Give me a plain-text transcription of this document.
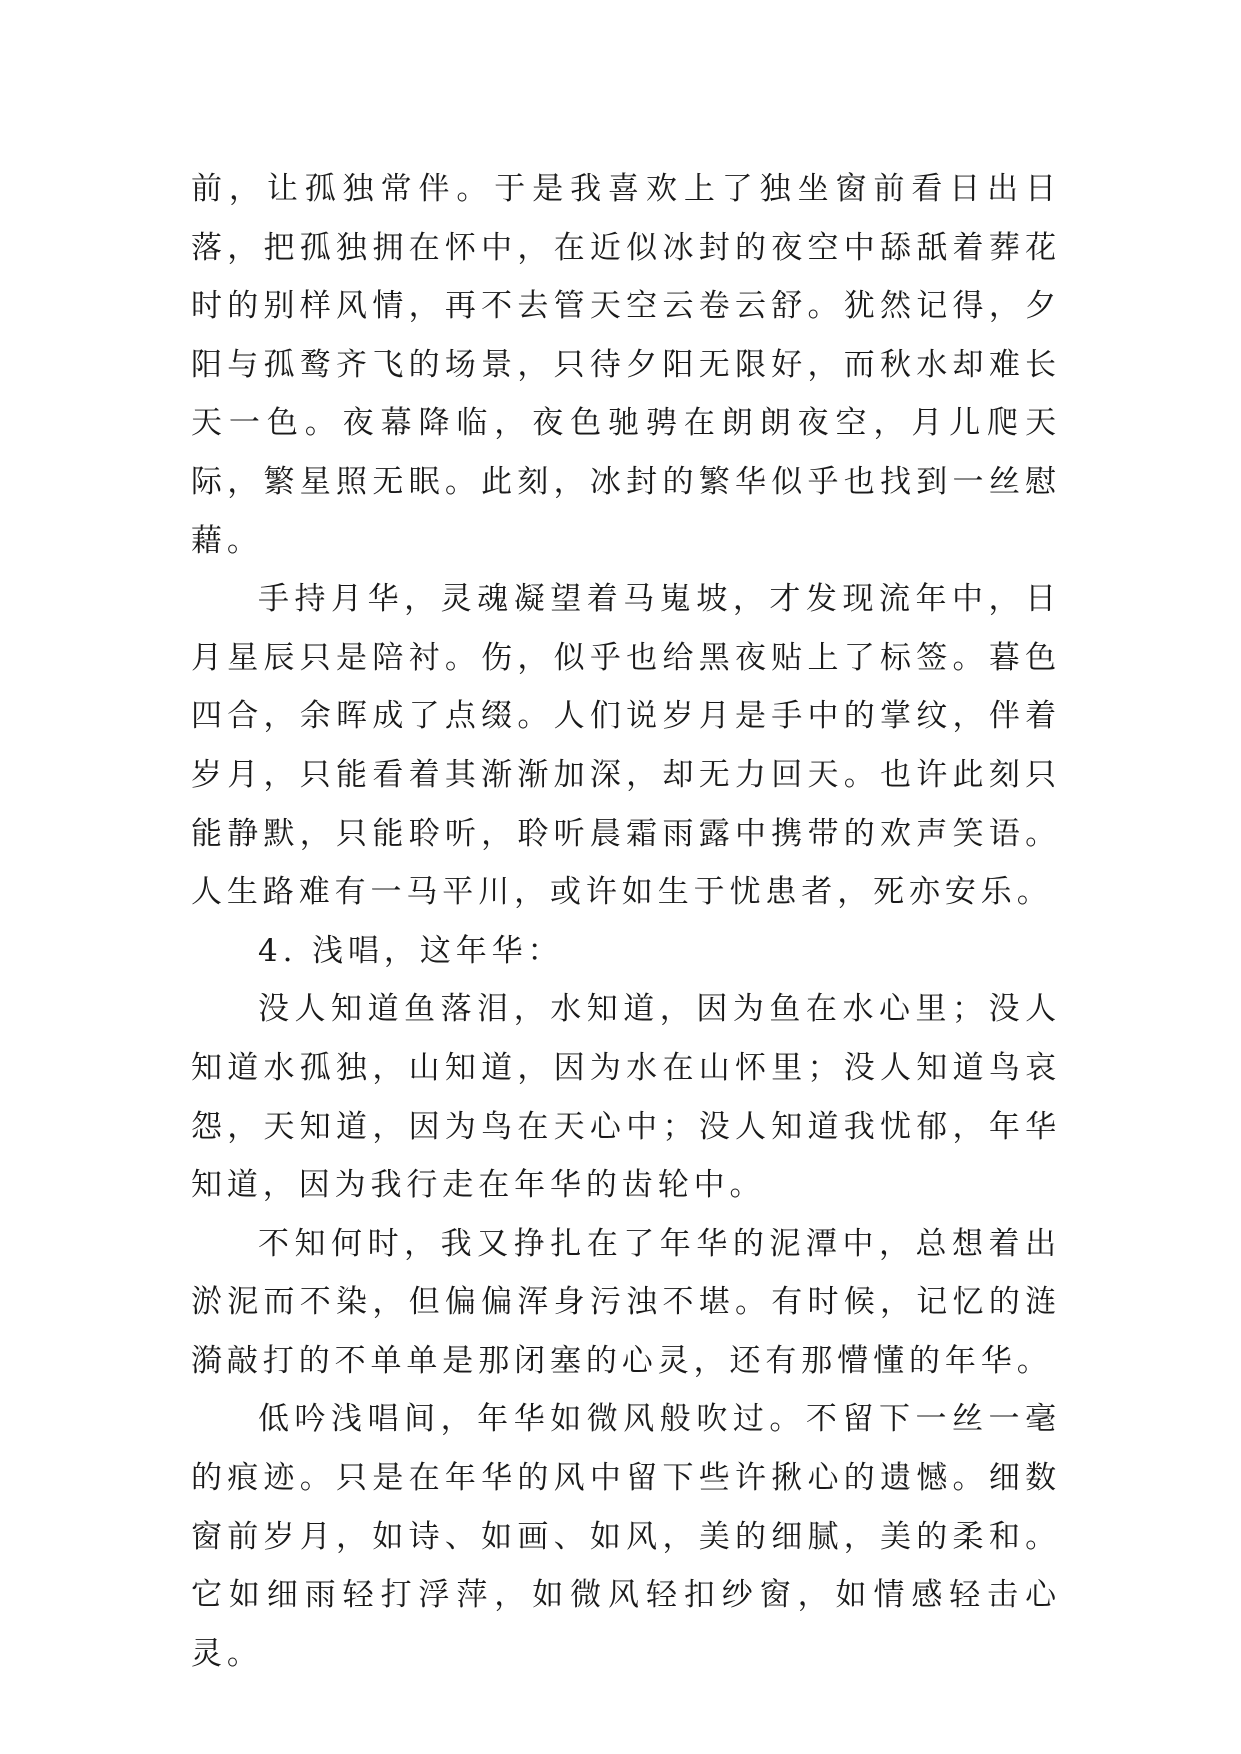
前，让孤独常伴。于是我喜欢上了独坐窗前看日出日落，把孤独拥在怀中，在近似冰封的夜空中舔舐着葬花时的别样风情，再不去管天空云卷云舒。犹然记得，夕阳与孤鹜齐飞的场景，只待夕阳无限好，而秋水却难长天一色。夜幕降临，夜色驰骋在朗朗夜空，月儿爬天际，繁星照无眠。此刻，冰封的繁华似乎也找到一丝慰藉。

手持月华，灵魂凝望着马嵬坡，才发现流年中，日月星辰只是陪衬。伤，似乎也给黑夜贴上了标签。暮色四合，余晖成了点缀。人们说岁月是手中的掌纹，伴着岁月，只能看着其渐渐加深，却无力回天。也许此刻只能静默，只能聆听，聆听晨霜雨露中携带的欢声笑语。人生路难有一马平川，或许如生于忧患者，死亦安乐。

4. 浅唱，这年华：

没人知道鱼落泪，水知道，因为鱼在水心里；没人知道水孤独，山知道，因为水在山怀里；没人知道鸟哀怨，天知道，因为鸟在天心中；没人知道我忧郁，年华知道，因为我行走在年华的齿轮中。

不知何时，我又挣扎在了年华的泥潭中，总想着出淤泥而不染，但偏偏浑身污浊不堪。有时候，记忆的涟漪敲打的不单单是那闭塞的心灵，还有那懵懂的年华。

低吟浅唱间，年华如微风般吹过。不留下一丝一毫的痕迹。只是在年华的风中留下些许揪心的遗憾。细数窗前岁月，如诗、如画、如风，美的细腻，美的柔和。它如细雨轻打浮萍，如微风轻扣纱窗，如情感轻击心灵。
